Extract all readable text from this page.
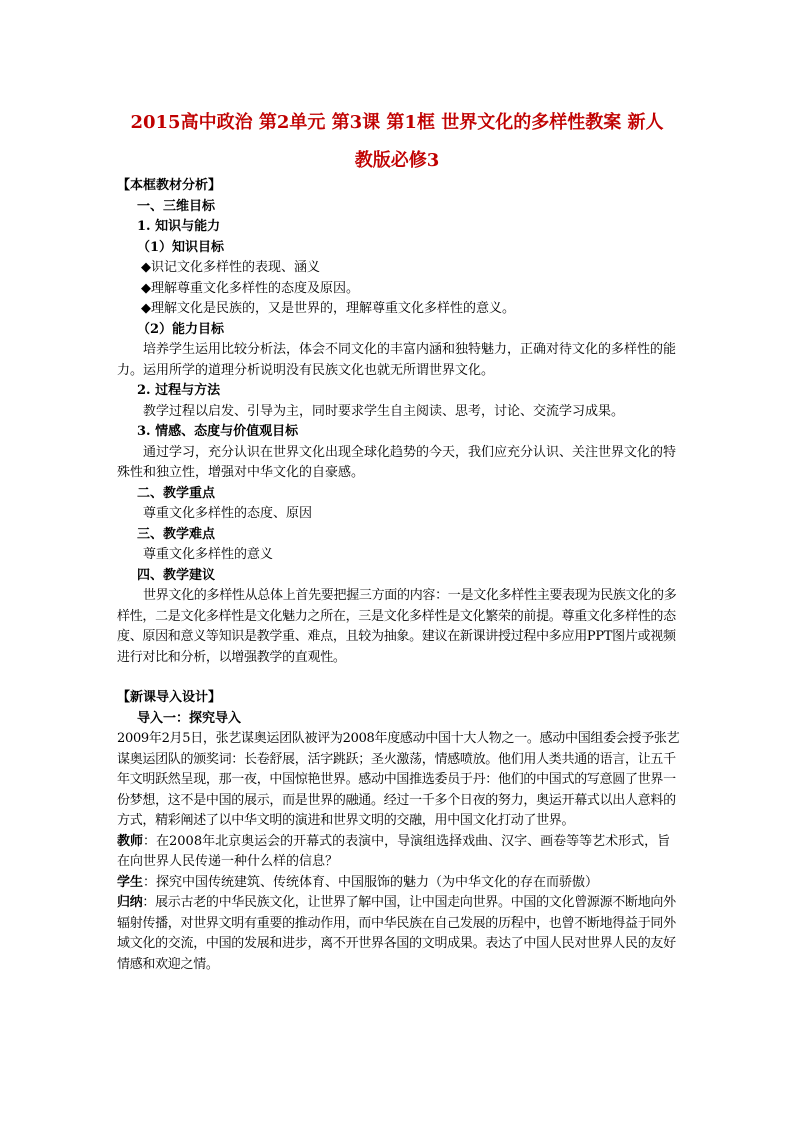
2015高中政治 第2单元 第3课 第1框 世界文化的多样性教案 新人
教版必修3

【本框教材分析】

一、三维目标

1. 知识与能力

（1）知识目标

◆识记文化多样性的表现、涵义

◆理解尊重文化多样性的态度及原因。

◆理解文化是民族的，又是世界的，理解尊重文化多样性的意义。

（2）能力目标

培养学生运用比较分析法，体会不同文化的丰富内涵和独特魅力，正确对待文化的多样性的能力。运用所学的道理分析说明没有民族文化也就无所谓世界文化。

2. 过程与方法

教学过程以启发、引导为主，同时要求学生自主阅读、思考，讨论、交流学习成果。

3. 情感、态度与价值观目标

通过学习，充分认识在世界文化出现全球化趋势的今天，我们应充分认识、关注世界文化的特殊性和独立性，增强对中华文化的自豪感。

二、教学重点

尊重文化多样性的态度、原因

三、教学难点

尊重文化多样性的意义

四、教学建议

世界文化的多样性从总体上首先要把握三方面的内容：一是文化多样性主要表现为民族文化的多样性，二是文化多样性是文化魅力之所在，三是文化多样性是文化繁荣的前提。尊重文化多样性的态度、原因和意义等知识是教学重、难点，且较为抽象。建议在新课讲授过程中多应用PPT图片或视频进行对比和分析，以增强教学的直观性。

【新课导入设计】

导入一：探究导入

2009年2月5日，张艺谋奥运团队被评为2008年度感动中国十大人物之一。感动中国组委会授予张艺谋奥运团队的颁奖词：长卷舒展，活字跳跃；圣火激荡，情感喷放。他们用人类共通的语言，让五千年文明跃然呈现，那一夜，中国惊艳世界。感动中国推选委员于丹：他们的中国式的写意圆了世界一份梦想，这不是中国的展示，而是世界的融通。经过一千多个日夜的努力，奥运开幕式以出人意料的方式，精彩阐述了以中华文明的演进和世界文明的交融，用中国文化打动了世界。

教师：在2008年北京奥运会的开幕式的表演中，导演组选择戏曲、汉字、画卷等等艺术形式，旨在向世界人民传递一种什么样的信息？

学生：探究中国传统建筑、传统体育、中国服饰的魅力（为中华文化的存在而骄傲）

归纳：展示古老的中华民族文化，让世界了解中国，让中国走向世界。中国的文化曾源源不断地向外辐射传播，对世界文明有重要的推动作用，而中华民族在自己发展的历程中，也曾不断地得益于同外域文化的交流，中国的发展和进步，离不开世界各国的文明成果。表达了中国人民对世界人民的友好情感和欢迎之情。
